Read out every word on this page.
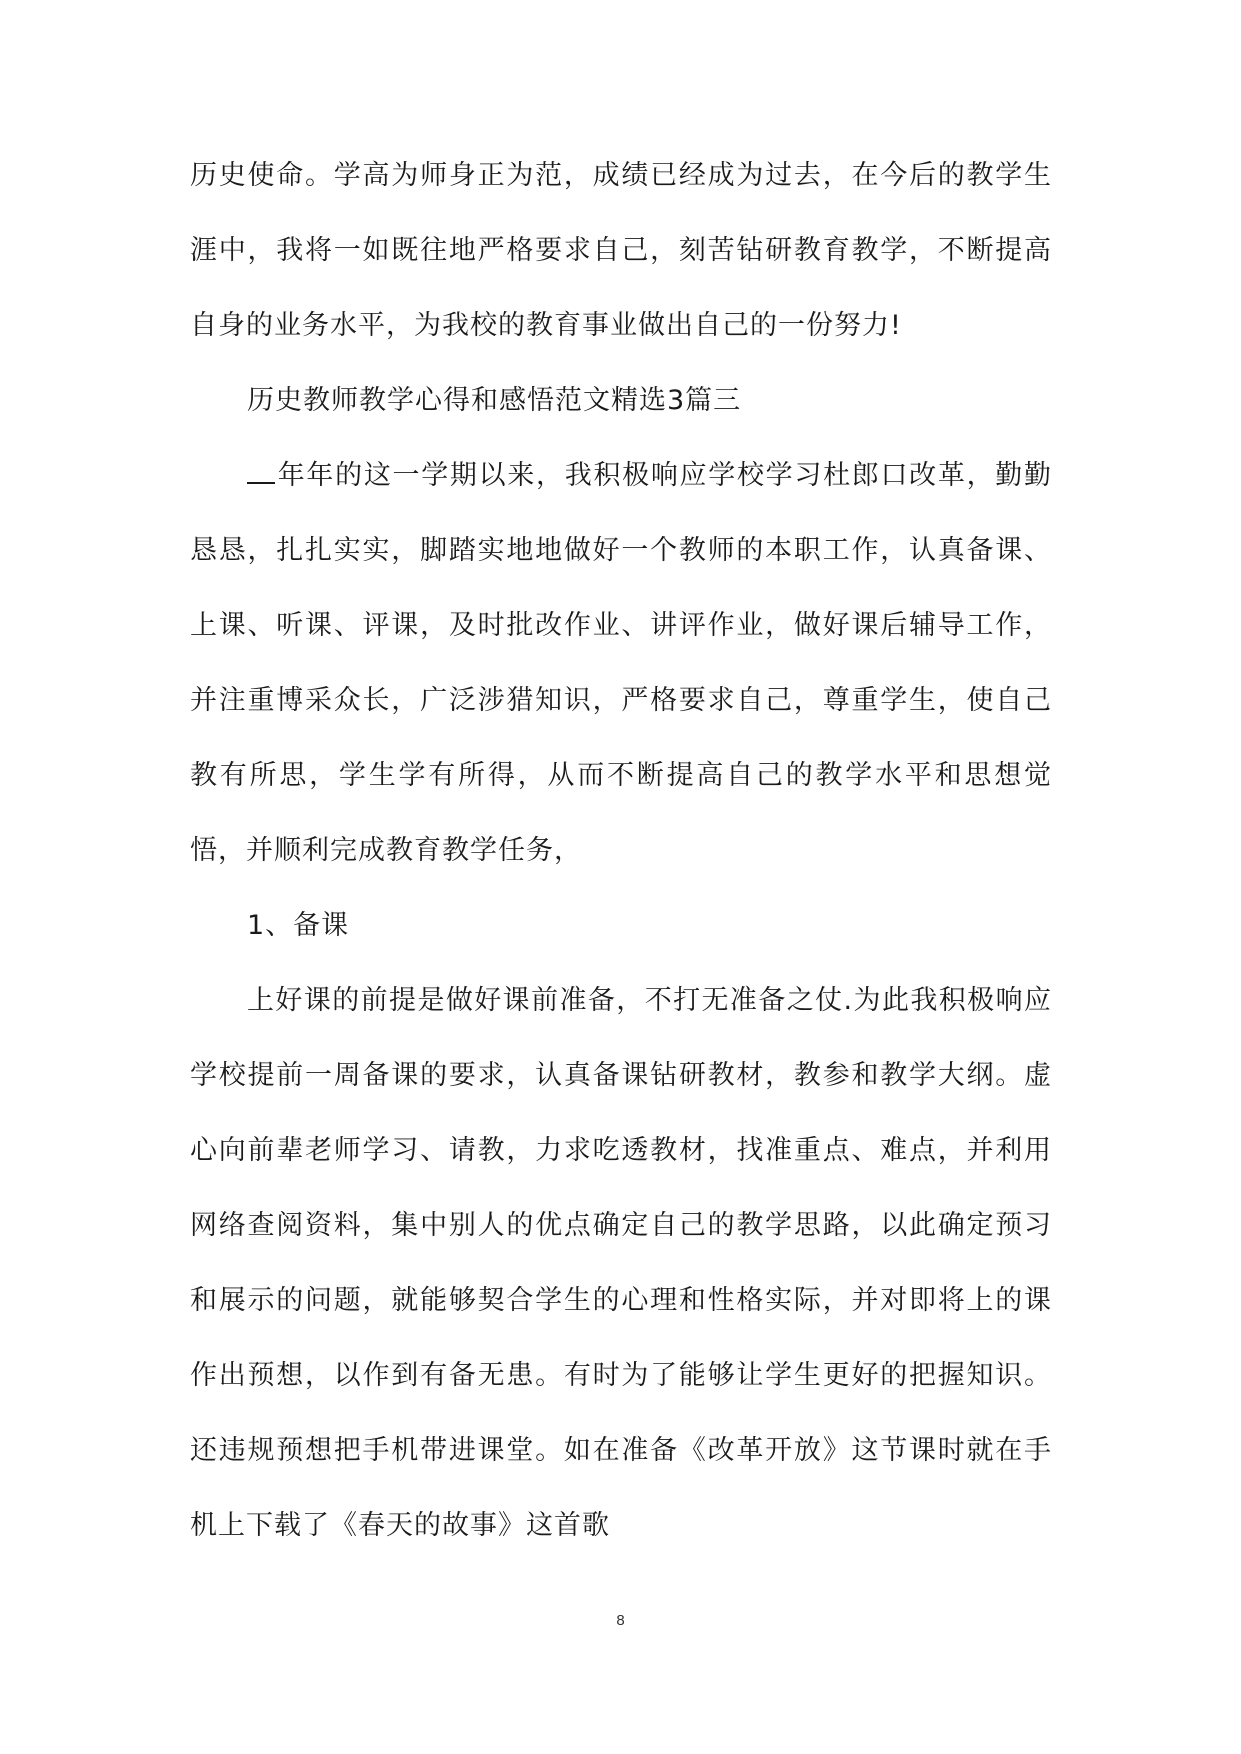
历史使命。学高为师身正为范，成绩已经成为过去，在今后的教学生涯中，我将一如既往地严格要求自己，刻苦钻研教育教学，不断提高自身的业务水平，为我校的教育事业做出自己的一份努力!

历史教师教学心得和感悟范文精选3篇三

年年的这一学期以来，我积极响应学校学习杜郎口改革，勤勤恳恳，扎扎实实，脚踏实地地做好一个教师的本职工作，认真备课、上课、听课、评课，及时批改作业、讲评作业，做好课后辅导工作，并注重博采众长，广泛涉猎知识，严格要求自己，尊重学生，使自己教有所思，学生学有所得，从而不断提高自己的教学水平和思想觉悟，并顺利完成教育教学任务，

1、备课

上好课的前提是做好课前准备，不打无准备之仗.为此我积极响应学校提前一周备课的要求，认真备课钻研教材，教参和教学大纲。虚心向前辈老师学习、请教，力求吃透教材，找准重点、难点，并利用网络查阅资料，集中别人的优点确定自己的教学思路，以此确定预习和展示的问题，就能够契合学生的心理和性格实际，并对即将上的课作出预想，以作到有备无患。有时为了能够让学生更好的把握知识。还违规预想把手机带进课堂。如在准备《改革开放》这节课时就在手机上下载了《春天的故事》这首歌

8
